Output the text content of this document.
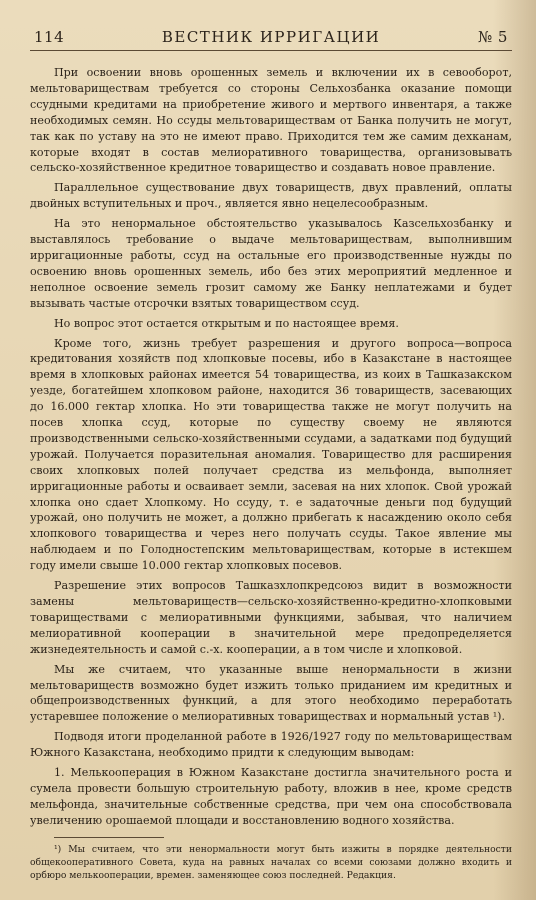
114	ВЕСТНИК ИРРИГАЦИИ	№ 5

При освоении вновь орошенных земель и включении их в севооборот, мельтовариществам требуется со стороны Сельхозбанка оказание помощи ссудными кредитами на приобретение живого и мертвого инвентаря, а также необходимых семян. Но ссуды мельтовариществам от Банка получить не могут, так как по уставу на это не имеют право. Приходится тем же самим дехканам, которые входят в состав мелиоративного товарищества, организовывать сельско-хозяйственное кредитное товарищество и создавать новое правление.

Параллельное существование двух товариществ, двух правлений, оплаты двойных вступительных и проч., является явно нецелесообразным.

На это ненормальное обстоятельство указывалось Казсельхозбанку и выставлялось требование о выдаче мельтовариществам, выполнившим ирригационные работы, ссуд на остальные его производственные нужды по освоению вновь орошенных земель, ибо без этих мероприятий медленное и неполное освоение земель грозит самому же Банку неплатежами и будет вызывать частые отсрочки взятых товариществом ссуд.

Но вопрос этот остается открытым и по настоящее время.

Кроме того, жизнь требует разрешения и другого вопроса—вопроса кредитования хозяйств под хлопковые посевы, ибо в Казакстане в настоящее время в хлопковых районах имеется 54 товарищества, из коих в Ташказакском уезде, богатейшем хлопковом районе, находится 36 товариществ, засевающих до 16.000 гектар хлопка. Но эти товарищества также не могут получить на посев хлопка ссуд, которые по существу своему не являются производственными сельско-хозяйственными ссудами, а задатками под будущий урожай. Получается поразительная аномалия. Товарищество для расширения своих хлопковых полей получает средства из мельфонда, выполняет ирригационные работы и осваивает земли, засевая на них хлопок. Свой урожай хлопка оно сдает Хлопкому. Но ссуду, т. е задаточные деньги под будущий урожай, оно получить не может, а должно прибегать к насаждению около себя хлопкового товарищества и через него получать ссуды. Такое явление мы наблюдаем и по Голодностепским мельтовариществам, которые в истекшем году имели свыше 10.000 гектар хлопковых посевов.

Разрешение этих вопросов Ташказхлопкредсоюз видит в возможности замены мельтовариществ—сельско-хозяйственно-кредитно-хлопковыми товариществами с мелиоративными функциями, забывая, что наличием мелиоративной кооперации в значительной мере предопределяется жизнедеятельность и самой с.-х. кооперации, а в том числе и хлопковой.

Мы же считаем, что указанные выше ненормальности в жизни мельтовариществ возможно будет изжить только приданием им кредитных и общепроизводственных функций, а для этого необходимо переработать устаревшее положение о мелиоративных товариществах и нормальный устав ¹).

Подводя итоги проделанной работе в 1926/1927 году по мельтовариществам Южного Казакстана, необходимо придти к следующим выводам:

1. Мелькооперация в Южном Казакстане достигла значительного роста и сумела провести большую строительную работу, вложив в нее, кроме средств мельфонда, значительные собственные средства, при чем она способствовала увеличению орошаемой площади и восстановлению водного хозяйства.

¹) Мы считаем, что эти ненормальности могут быть изжиты в порядке деятельности общекооперативного Совета, куда на равных началах со всеми союзами должно входить и орбюро мелькооперации, времен. заменяющее союз последней. Редакция.
